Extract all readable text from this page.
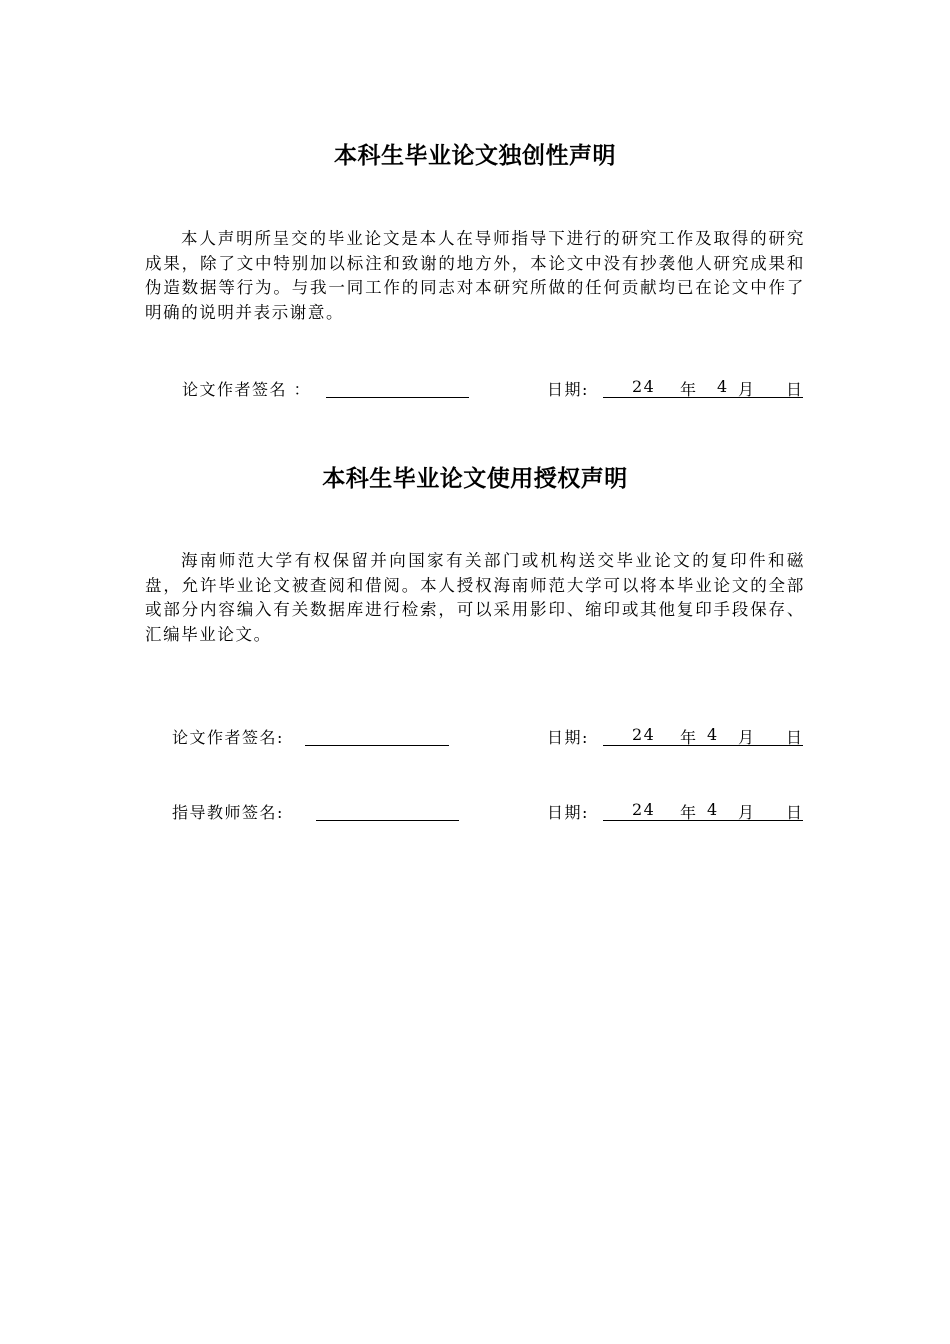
本科生毕业论文独创性声明

本人声明所呈交的毕业论文是本人在导师指导下进行的研究工作及取得的研究成果，除了文中特别加以标注和致谢的地方外，本论文中没有抄袭他人研究成果和伪造数据等行为。与我一同工作的同志对本研究所做的任何贡献均已在论文中作了明确的说明并表示谢意。

论文作者签名 ：	日期:	24 年 4 月 日
本科生毕业论文使用授权声明

海南师范大学有权保留并向国家有关部门或机构送交毕业论文的复印件和磁盘，允许毕业论文被查阅和借阅。本人授权海南师范大学可以将本毕业论文的全部或部分内容编入有关数据库进行检索，可以采用影印、缩印或其他复印手段保存、汇编毕业论文。

论文作者签名:	日期:	24 年 4 月 日
指导教师签名:	日期:	24 年 4 月 日
